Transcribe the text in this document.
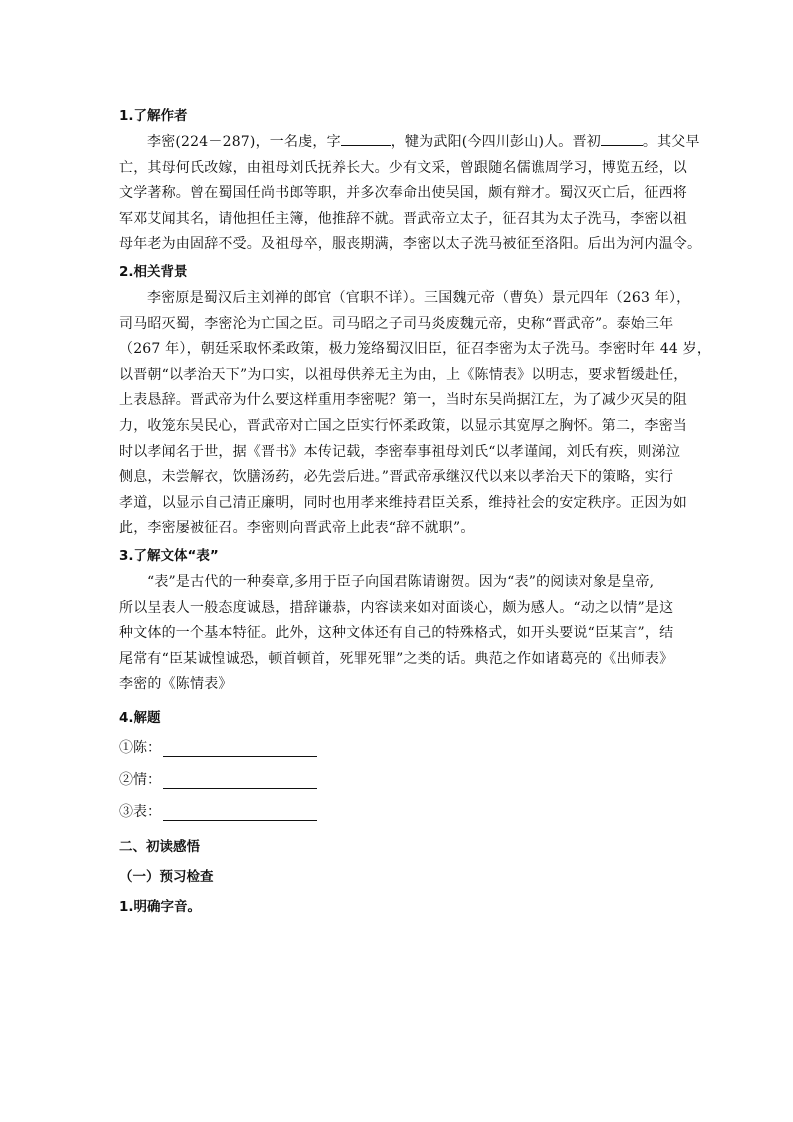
1.了解作者
李密(224－287)，一名虔，字	，犍为武阳(今四川彭山)人。晋初	。其父早
亡，其母何氏改嫁，由祖母刘氏抚养长大。少有文采，曾跟随名儒谯周学习，博览五经，以
文学著称。曾在蜀国任尚书郎等职，并多次奉命出使吴国，颇有辩才。蜀汉灭亡后，征西将
军邓艾闻其名，请他担任主簿，他推辞不就。晋武帝立太子，征召其为太子洗马，李密以祖
母年老为由固辞不受。及祖母卒，服丧期满，李密以太子洗马被征至洛阳。后出为河内温令。
2.相关背景
李密原是蜀汉后主刘禅的郎官（官职不详）。三国魏元帝（曹奂）景元四年（263 年），
司马昭灭蜀，李密沦为亡国之臣。司马昭之子司马炎废魏元帝，史称“晋武帝”。泰始三年
（267 年），朝廷采取怀柔政策，极力笼络蜀汉旧臣，征召李密为太子洗马。李密时年 44 岁，
以晋朝“以孝治天下”为口实，以祖母供养无主为由，上《陈情表》以明志，要求暂缓赴任，
上表恳辞。晋武帝为什么要这样重用李密呢？第一，当时东吴尚据江左，为了减少灭吴的阻
力，收笼东吴民心，晋武帝对亡国之臣实行怀柔政策，以显示其宽厚之胸怀。第二，李密当
时以孝闻名于世，据《晋书》本传记载，李密奉事祖母刘氏“以孝谨闻，刘氏有疾，则涕泣
侧息，未尝解衣，饮膳汤药，必先尝后进。”晋武帝承继汉代以来以孝治天下的策略，实行
孝道，以显示自己清正廉明，同时也用孝来维持君臣关系，维持社会的安定秩序。正因为如
此，李密屡被征召。李密则向晋武帝上此表“辞不就职”。
3.了解文体“表”
“表”是古代的一种奏章,多用于臣子向国君陈请谢贺。因为“表”的阅读对象是皇帝,
所以呈表人一般态度诚恳，措辞谦恭，内容读来如对面谈心，颇为感人。“动之以情”是这
种文体的一个基本特征。此外，这种文体还有自己的特殊格式，如开头要说“臣某言”，结
尾常有“臣某诚惶诚恐，顿首顿首，死罪死罪”之类的话。典范之作如诸葛亮的《出师表》
李密的《陈情表》
4.解题
①陈：
②情：
③表：
二、初读感悟
（一）预习检查
1.明确字音。
